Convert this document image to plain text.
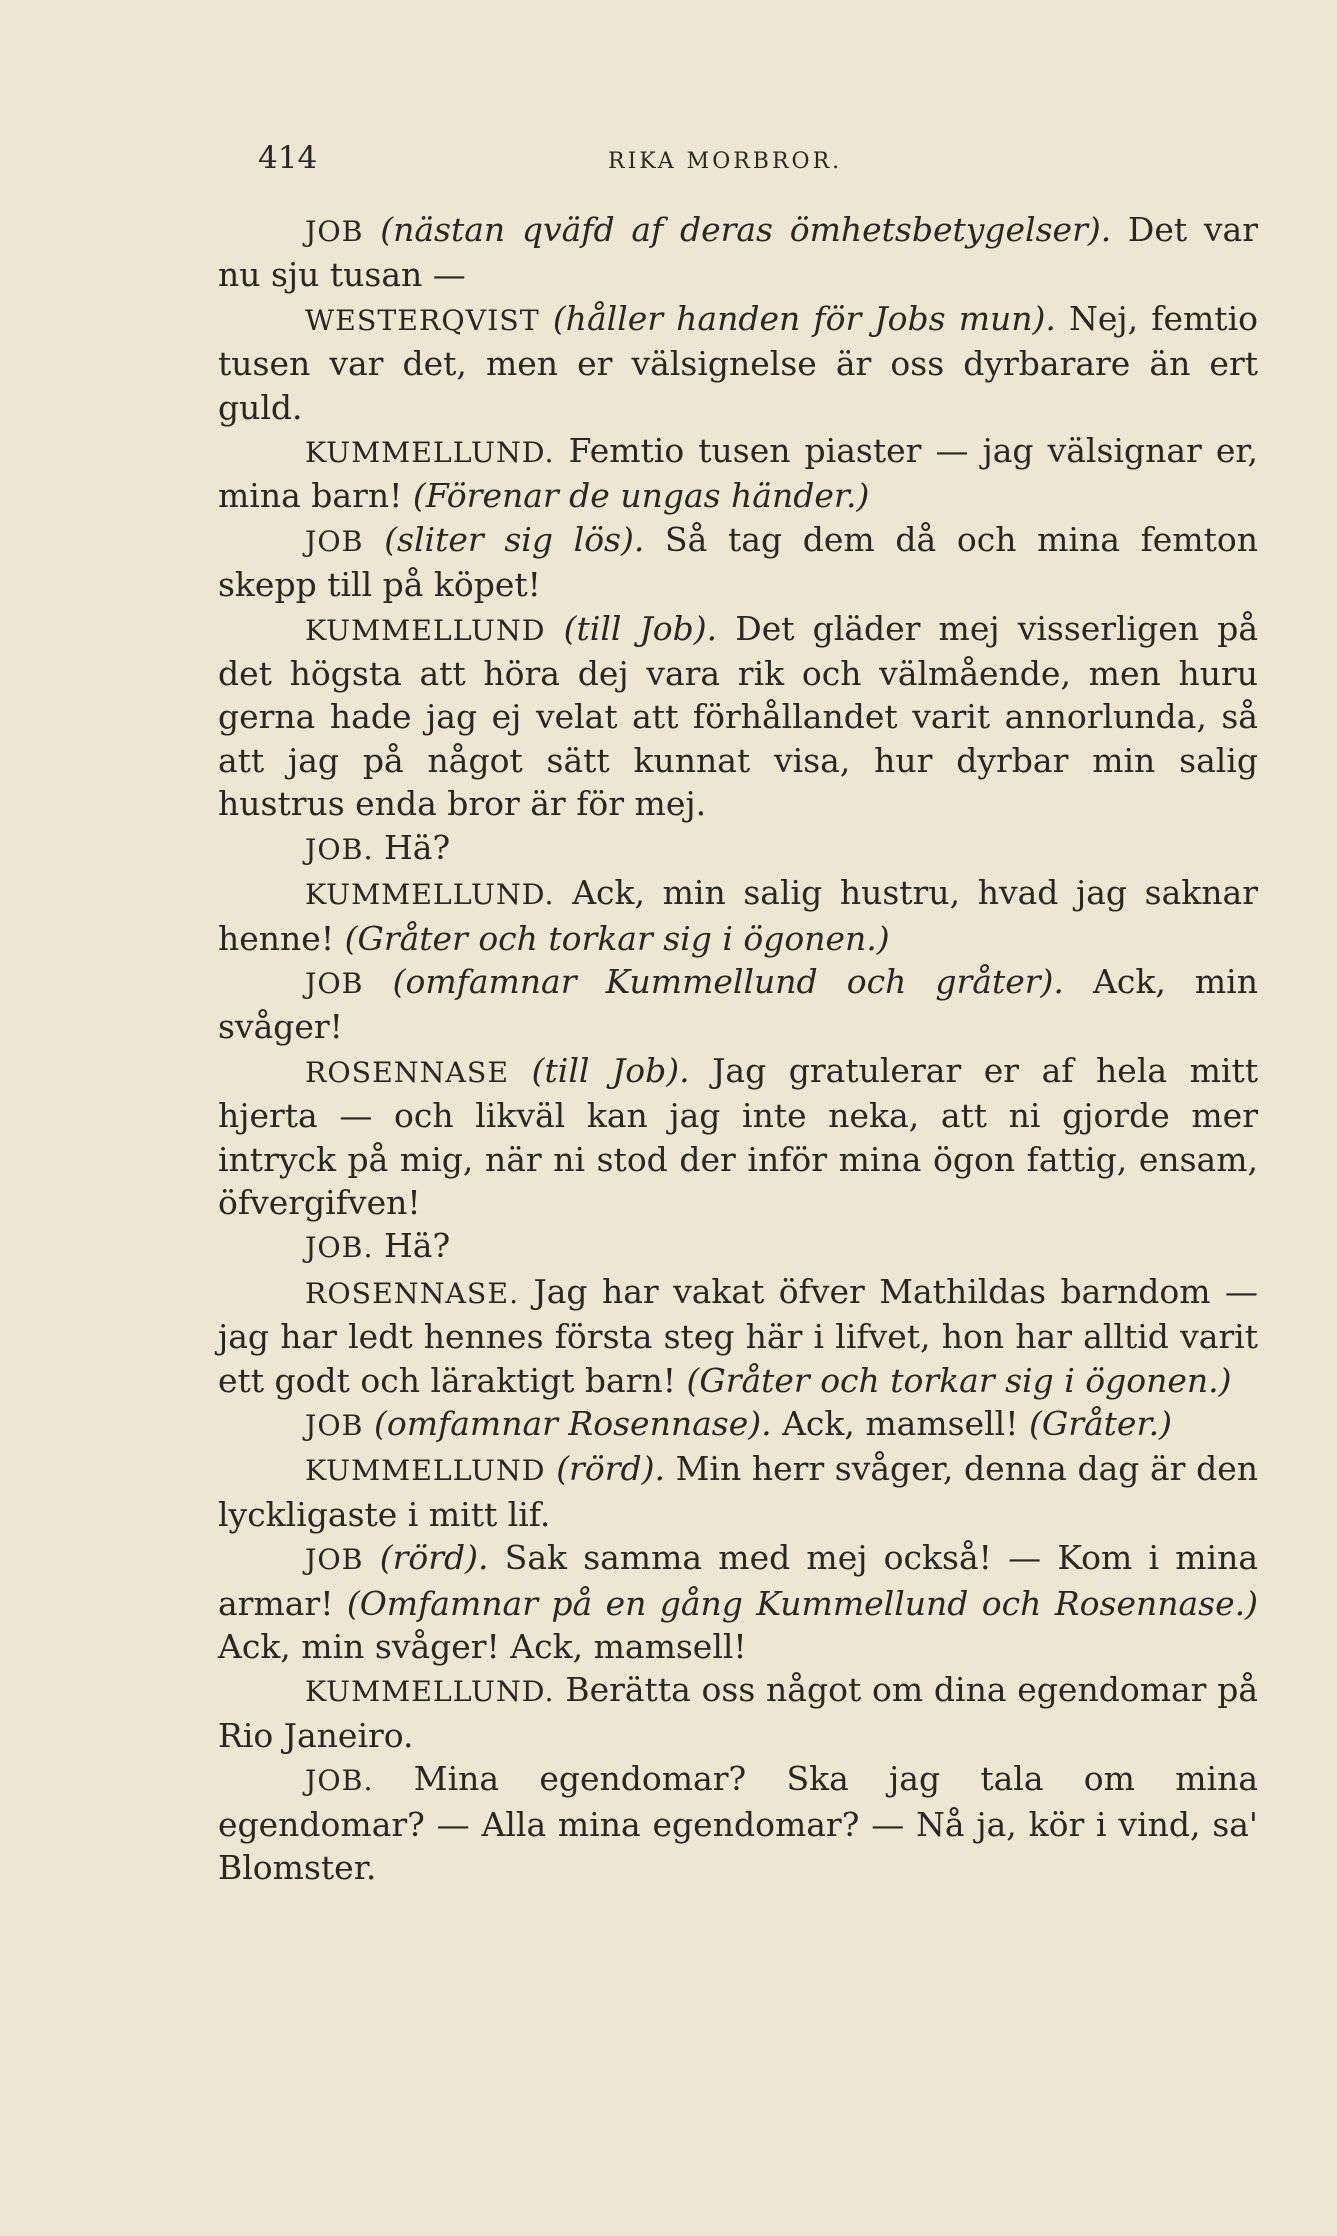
414	RIKA MORBROR.

JOB (nästan qväfd af deras ömhetsbetygelser). Det var nu sju tusan —

WESTERQVIST (håller handen för Jobs mun). Nej, femtio tusen var det, men er välsignelse är oss dyrbarare än ert guld.

KUMMELLUND. Femtio tusen piaster — jag välsignar er, mina barn! (Förenar de ungas händer.)

JOB (sliter sig lös). Så tag dem då och mina femton skepp till på köpet!

KUMMELLUND (till Job). Det gläder mej visserligen på det högsta att höra dej vara rik och välmående, men huru gerna hade jag ej velat att förhållandet varit annorlunda, så att jag på något sätt kunnat visa, hur dyrbar min salig hustrus enda bror är för mej.

JOB. Hä?

KUMMELLUND. Ack, min salig hustru, hvad jag saknar henne! (Gråter och torkar sig i ögonen.)

JOB (omfamnar Kummellund och gråter). Ack, min svåger!

ROSENNASE (till Job). Jag gratulerar er af hela mitt hjerta — och likväl kan jag inte neka, att ni gjorde mer intryck på mig, när ni stod der inför mina ögon fattig, ensam, öfvergifven!

JOB. Hä?

ROSENNASE. Jag har vakat öfver Mathildas barndom — jag har ledt hennes första steg här i lifvet, hon har alltid varit ett godt och läraktigt barn! (Gråter och torkar sig i ögonen.)

JOB (omfamnar Rosennase). Ack, mamsell! (Gråter.)

KUMMELLUND (rörd). Min herr svåger, denna dag är den lyckligaste i mitt lif.

JOB (rörd). Sak samma med mej också! — Kom i mina armar! (Omfamnar på en gång Kummellund och Rosennase.) Ack, min svåger! Ack, mamsell!

KUMMELLUND. Berätta oss något om dina egendomar på Rio Janeiro.

JOB. Mina egendomar? Ska jag tala om mina egendomar? — Alla mina egendomar? — Nå ja, kör i vind, sa' Blomster.
